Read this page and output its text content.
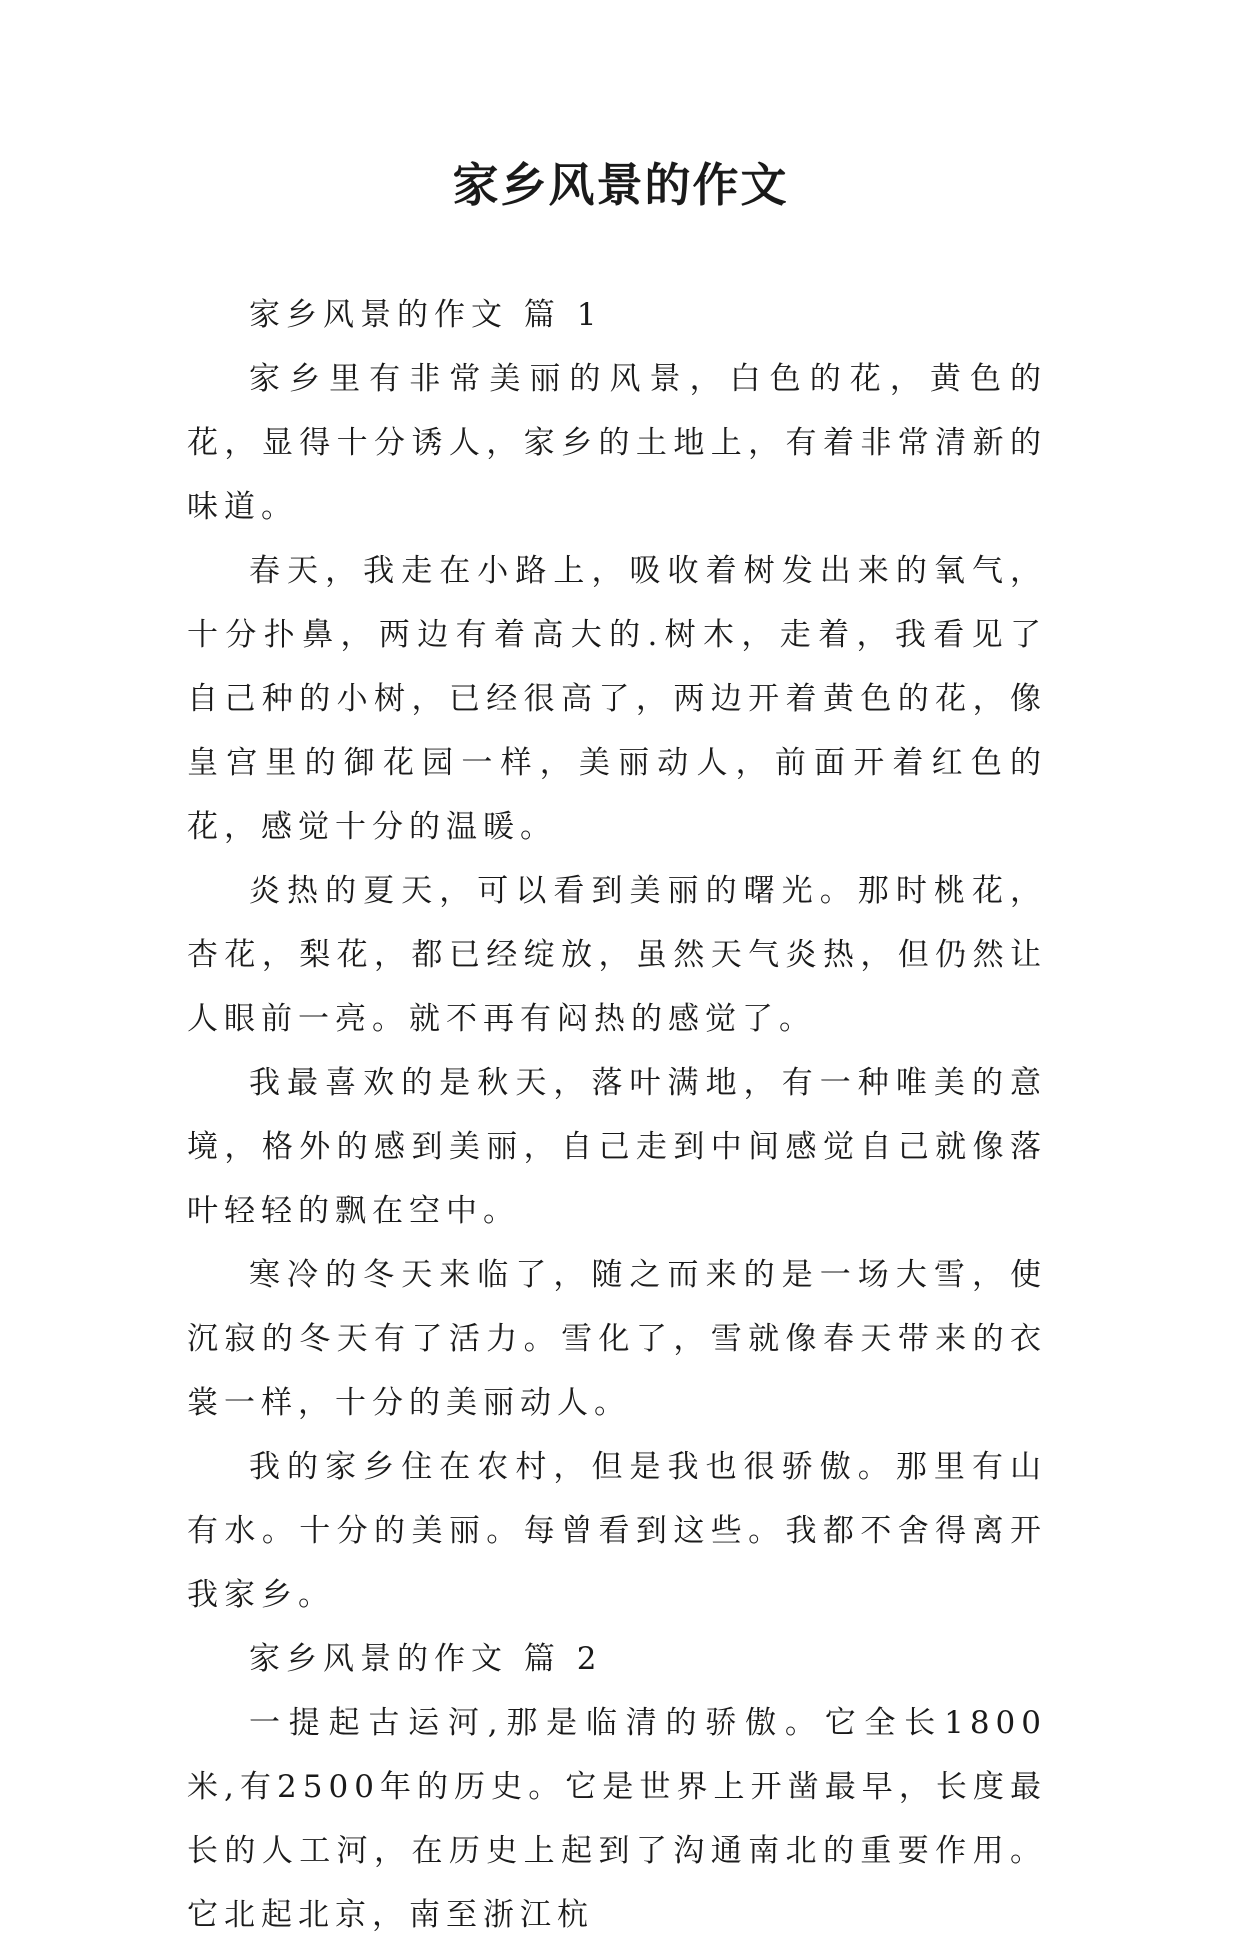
家乡风景的作文

家乡风景的作文 篇 1

家乡里有非常美丽的风景，白色的花，黄色的花，显得十分诱人，家乡的土地上，有着非常清新的味道。

春天，我走在小路上，吸收着树发出来的氧气，十分扑鼻，两边有着高大的.树木，走着，我看见了自己种的小树，已经很高了，两边开着黄色的花，像皇宫里的御花园一样，美丽动人，前面开着红色的花，感觉十分的温暖。

炎热的夏天，可以看到美丽的曙光。那时桃花，杏花，梨花，都已经绽放，虽然天气炎热，但仍然让人眼前一亮。就不再有闷热的感觉了。

我最喜欢的是秋天，落叶满地，有一种唯美的意境，格外的感到美丽，自己走到中间感觉自己就像落叶轻轻的飘在空中。

寒冷的冬天来临了，随之而来的是一场大雪，使沉寂的冬天有了活力。雪化了，雪就像春天带来的衣裳一样，十分的美丽动人。

我的家乡住在农村，但是我也很骄傲。那里有山有水。十分的美丽。每曾看到这些。我都不舍得离开我家乡。

家乡风景的作文 篇 2

一提起古运河,那是临清的骄傲。它全长1800米,有2500年的历史。它是世界上开凿最早，长度最长的人工河，在历史上起到了沟通南北的重要作用。它北起北京，南至浙江杭
